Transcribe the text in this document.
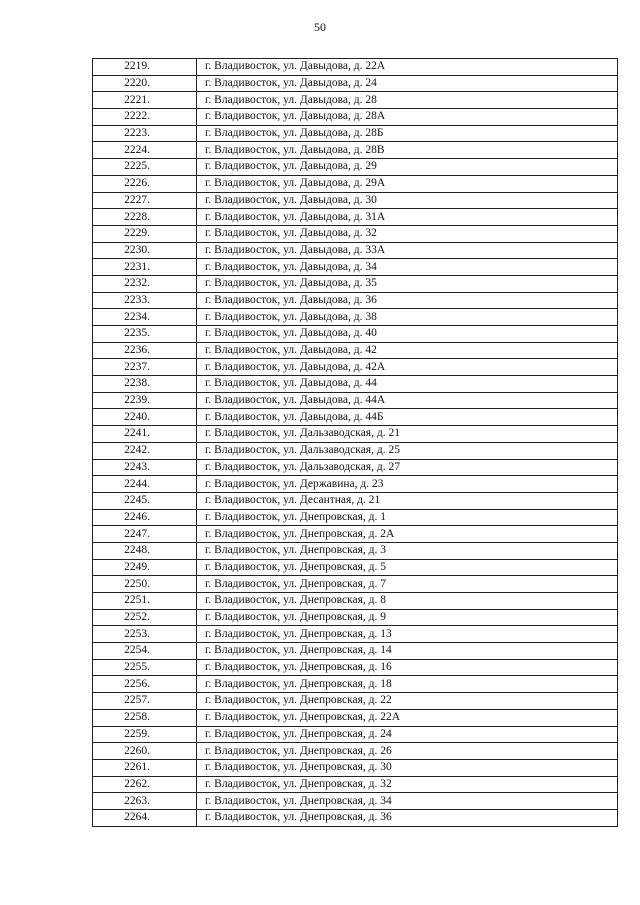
50
2219.	г. Владивосток, ул. Давыдова, д. 22А
2220.	г. Владивосток, ул. Давыдова, д. 24
2221.	г. Владивосток, ул. Давыдова, д. 28
2222.	г. Владивосток, ул. Давыдова, д. 28А
2223.	г. Владивосток, ул. Давыдова, д. 28Б
2224.	г. Владивосток, ул. Давыдова, д. 28В
2225.	г. Владивосток, ул. Давыдова, д. 29
2226.	г. Владивосток, ул. Давыдова, д. 29А
2227.	г. Владивосток, ул. Давыдова, д. 30
2228.	г. Владивосток, ул. Давыдова, д. 31А
2229.	г. Владивосток, ул. Давыдова, д. 32
2230.	г. Владивосток, ул. Давыдова, д. 33А
2231.	г. Владивосток, ул. Давыдова, д. 34
2232.	г. Владивосток, ул. Давыдова, д. 35
2233.	г. Владивосток, ул. Давыдова, д. 36
2234.	г. Владивосток, ул. Давыдова, д. 38
2235.	г. Владивосток, ул. Давыдова, д. 40
2236.	г. Владивосток, ул. Давыдова, д. 42
2237.	г. Владивосток, ул. Давыдова, д. 42А
2238.	г. Владивосток, ул. Давыдова, д. 44
2239.	г. Владивосток, ул. Давыдова, д. 44А
2240.	г. Владивосток, ул. Давыдова, д. 44Б
2241.	г. Владивосток, ул. Дальзаводская, д. 21
2242.	г. Владивосток, ул. Дальзаводская, д. 25
2243.	г. Владивосток, ул. Дальзаводская, д. 27
2244.	г. Владивосток, ул. Державина, д. 23
2245.	г. Владивосток, ул. Десантная, д. 21
2246.	г. Владивосток, ул. Днепровская, д. 1
2247.	г. Владивосток, ул. Днепровская, д. 2А
2248.	г. Владивосток, ул. Днепровская, д. 3
2249.	г. Владивосток, ул. Днепровская, д. 5
2250.	г. Владивосток, ул. Днепровская, д. 7
2251.	г. Владивосток, ул. Днепровская, д. 8
2252.	г. Владивосток, ул. Днепровская, д. 9
2253.	г. Владивосток, ул. Днепровская, д. 13
2254.	г. Владивосток, ул. Днепровская, д. 14
2255.	г. Владивосток, ул. Днепровская, д. 16
2256.	г. Владивосток, ул. Днепровская, д. 18
2257.	г. Владивосток, ул. Днепровская, д. 22
2258.	г. Владивосток, ул. Днепровская, д. 22А
2259.	г. Владивосток, ул. Днепровская, д. 24
2260.	г. Владивосток, ул. Днепровская, д. 26
2261.	г. Владивосток, ул. Днепровская, д. 30
2262.	г. Владивосток, ул. Днепровская, д. 32
2263.	г. Владивосток, ул. Днепровская, д. 34
2264.	г. Владивосток, ул. Днепровская, д. 36
